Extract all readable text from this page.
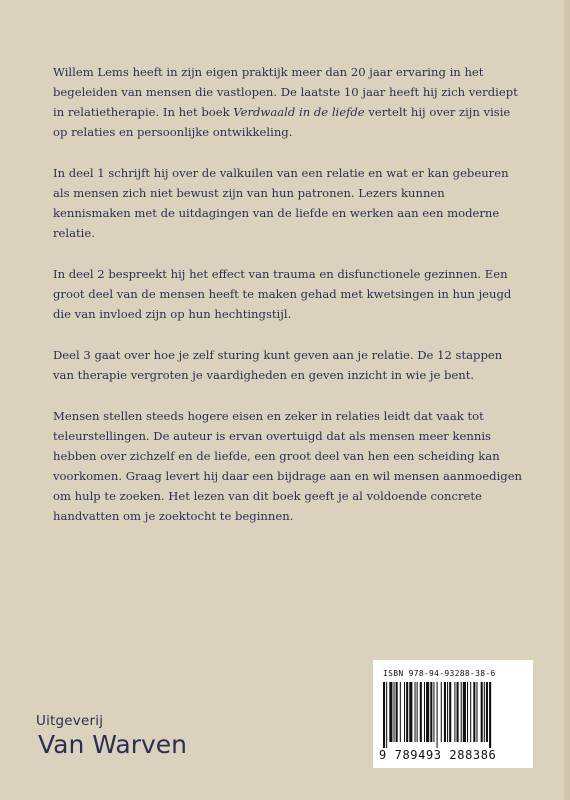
Willem Lems heeft in zijn eigen praktijk meer dan 20 jaar ervaring in het begeleiden van mensen die vastlopen. De laatste 10 jaar heeft hij zich verdiept in relatietherapie. In het boek Verdwaald in de liefde vertelt hij over zijn visie op relaties en persoonlijke ontwikkeling.

In deel 1 schrijft hij over de valkuilen van een relatie en wat er kan gebeuren als mensen zich niet bewust zijn van hun patronen. Lezers kunnen kennismaken met de uitdagingen van de liefde en werken aan een moderne relatie.

In deel 2 bespreekt hij het effect van trauma en disfunctionele gezinnen. Een groot deel van de mensen heeft te maken gehad met kwetsingen in hun jeugd die van invloed zijn op hun hechtingstijl.

Deel 3 gaat over hoe je zelf sturing kunt geven aan je relatie. De 12 stappen van therapie vergroten je vaardigheden en geven inzicht in wie je bent.

Mensen stellen steeds hogere eisen en zeker in relaties leidt dat vaak tot teleurstellingen. De auteur is ervan overtuigd dat als mensen meer kennis hebben over zichzelf en de liefde, een groot deel van hen een scheiding kan voorkomen. Graag levert hij daar een bijdrage aan en wil mensen aanmoedigen om hulp te zoeken. Het lezen van dit boek geeft je al voldoende concrete handvatten om je zoektocht te beginnen.

Uitgeverij
Van Warven
ISBN 978-94-93288-38-6
9 789493 288386
